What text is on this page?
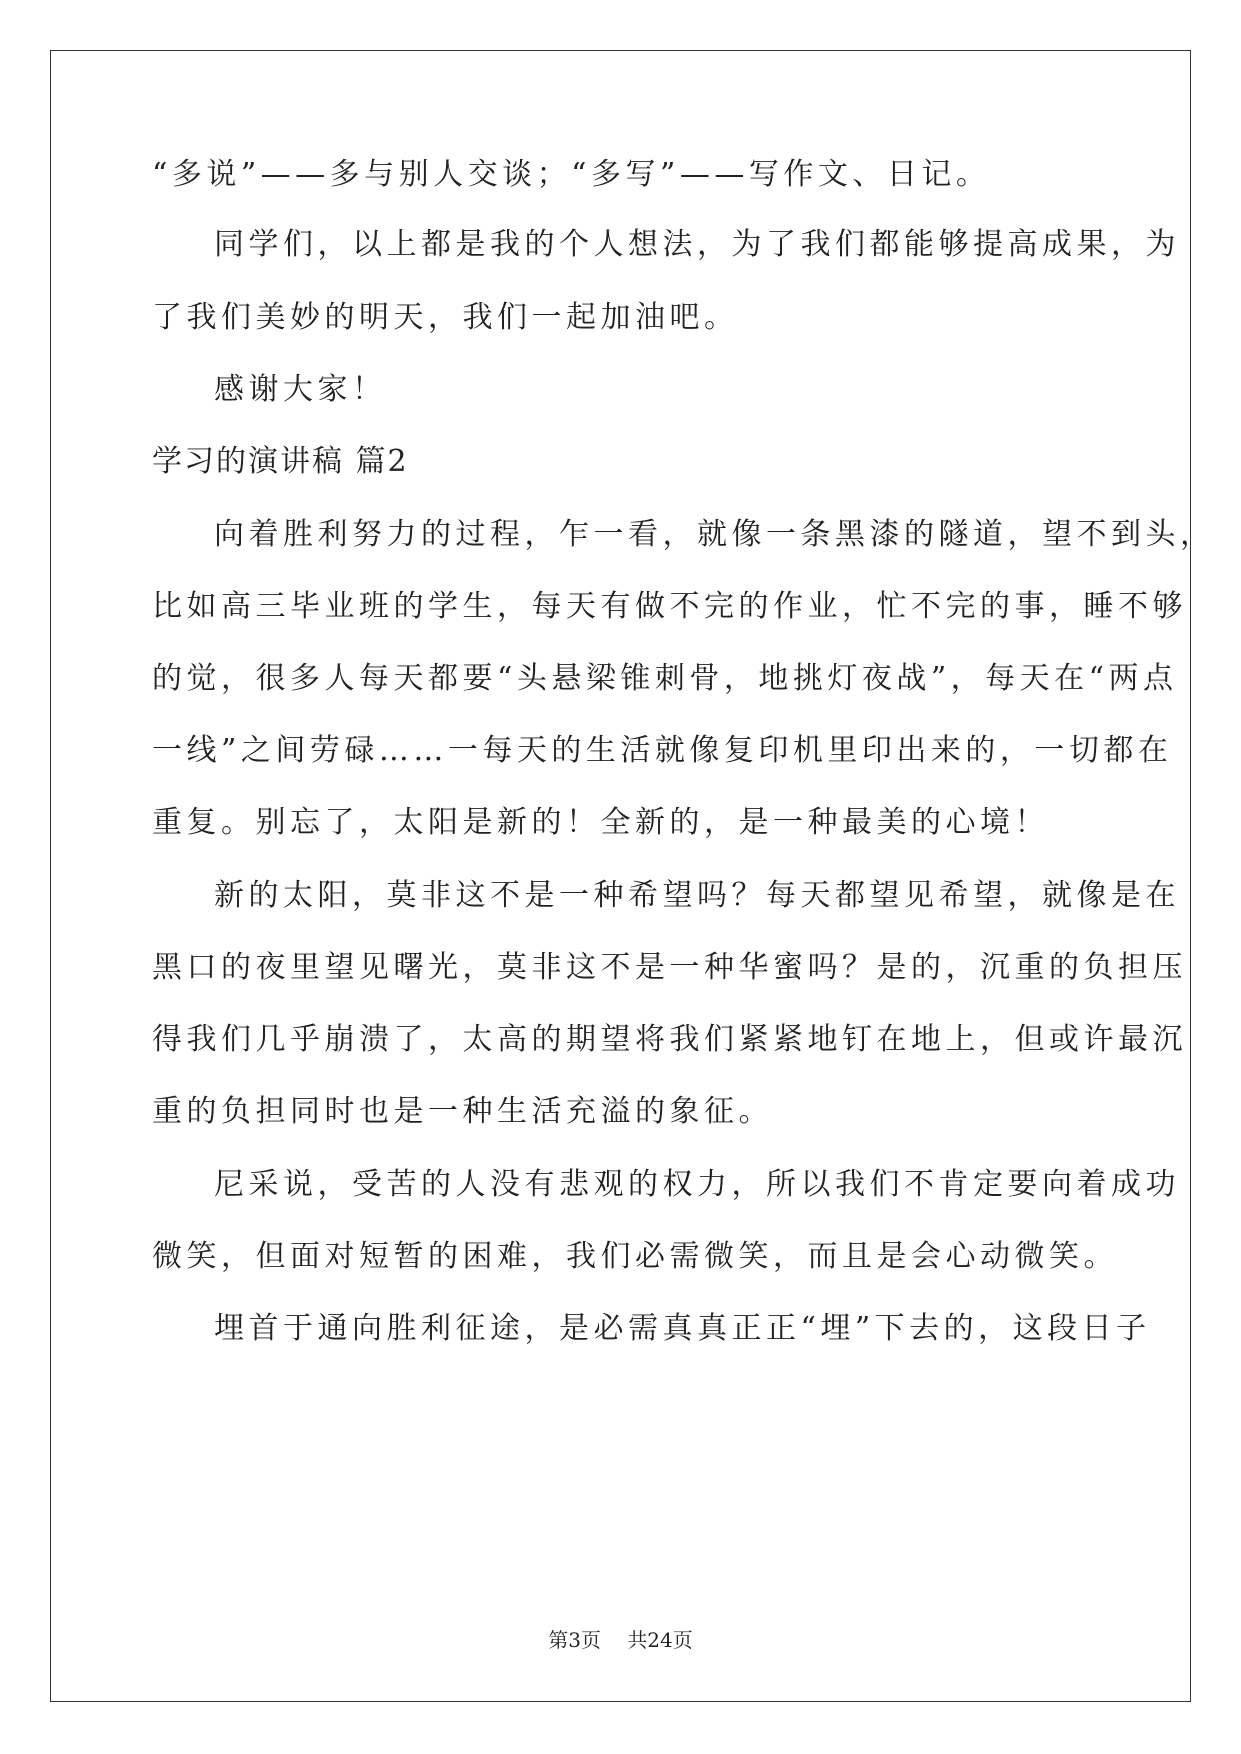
“多说”——多与别人交谈；“多写”——写作文、日记。
同学们，以上都是我的个人想法，为了我们都能够提高成果，为
了我们美妙的明天，我们一起加油吧。
感谢大家！
学习的演讲稿 篇2
向着胜利努力的过程，乍一看，就像一条黑漆的隧道，望不到头，
比如高三毕业班的学生，每天有做不完的作业，忙不完的事，睡不够
的觉，很多人每天都要“头悬梁锥刺骨，地挑灯夜战”，每天在“两点
一线”之间劳碌……一每天的生活就像复印机里印出来的，一切都在
重复。别忘了，太阳是新的！全新的，是一种最美的心境！
新的太阳，莫非这不是一种希望吗？每天都望见希望，就像是在
黑口的夜里望见曙光，莫非这不是一种华蜜吗？是的，沉重的负担压
得我们几乎崩溃了，太高的期望将我们紧紧地钉在地上，但或许最沉
重的负担同时也是一种生活充溢的象征。
尼采说，受苦的人没有悲观的权力，所以我们不肯定要向着成功
微笑，但面对短暂的困难，我们必需微笑，而且是会心动微笑。
埋首于通向胜利征途，是必需真真正正“埋”下去的，这段日子
第3页 共24页
